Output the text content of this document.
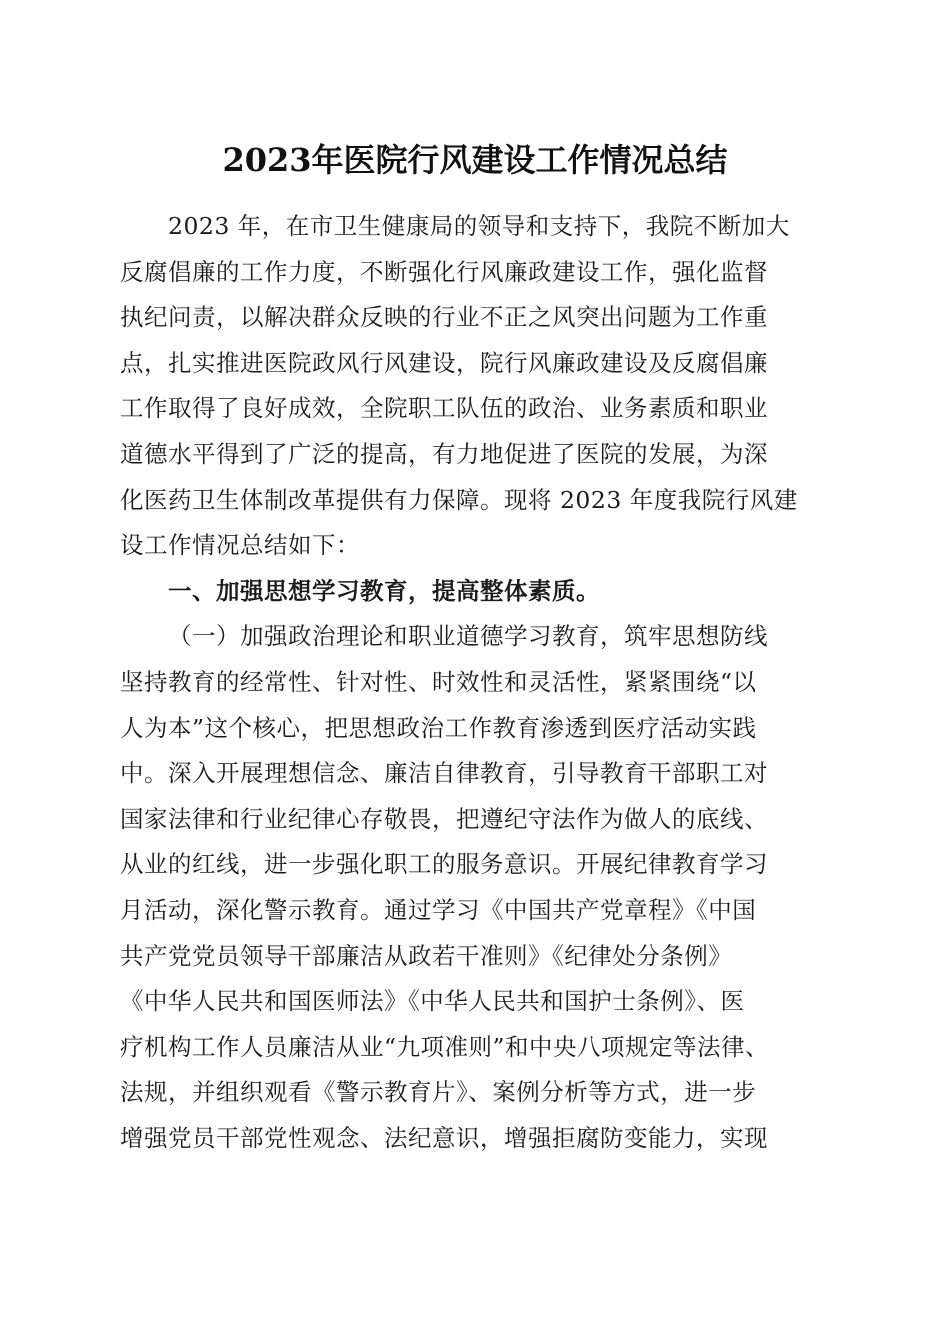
2023年医院行风建设工作情况总结
2023 年，在市卫生健康局的领导和支持下，我院不断加大
反腐倡廉的工作力度，不断强化行风廉政建设工作，强化监督
执纪问责，以解决群众反映的行业不正之风突出问题为工作重
点，扎实推进医院政风行风建设，院行风廉政建设及反腐倡廉
工作取得了良好成效，全院职工队伍的政治、业务素质和职业
道德水平得到了广泛的提高，有力地促进了医院的发展，为深
化医药卫生体制改革提供有力保障。现将 2023 年度我院行风建
设工作情况总结如下：
一、加强思想学习教育，提高整体素质。
（一）加强政治理论和职业道德学习教育，筑牢思想防线
坚持教育的经常性、针对性、时效性和灵活性，紧紧围绕“以
人为本”这个核心，把思想政治工作教育渗透到医疗活动实践
中。深入开展理想信念、廉洁自律教育，引导教育干部职工对
国家法律和行业纪律心存敬畏，把遵纪守法作为做人的底线、
从业的红线，进一步强化职工的服务意识。开展纪律教育学习
月活动，深化警示教育。通过学习《中国共产党章程》《中国
共产党党员领导干部廉洁从政若干准则》《纪律处分条例》
《中华人民共和国医师法》《中华人民共和国护士条例》、医
疗机构工作人员廉洁从业“九项准则”和中央八项规定等法律、
法规，并组织观看《警示教育片》、案例分析等方式，进一步
增强党员干部党性观念、法纪意识，增强拒腐防变能力，实现
